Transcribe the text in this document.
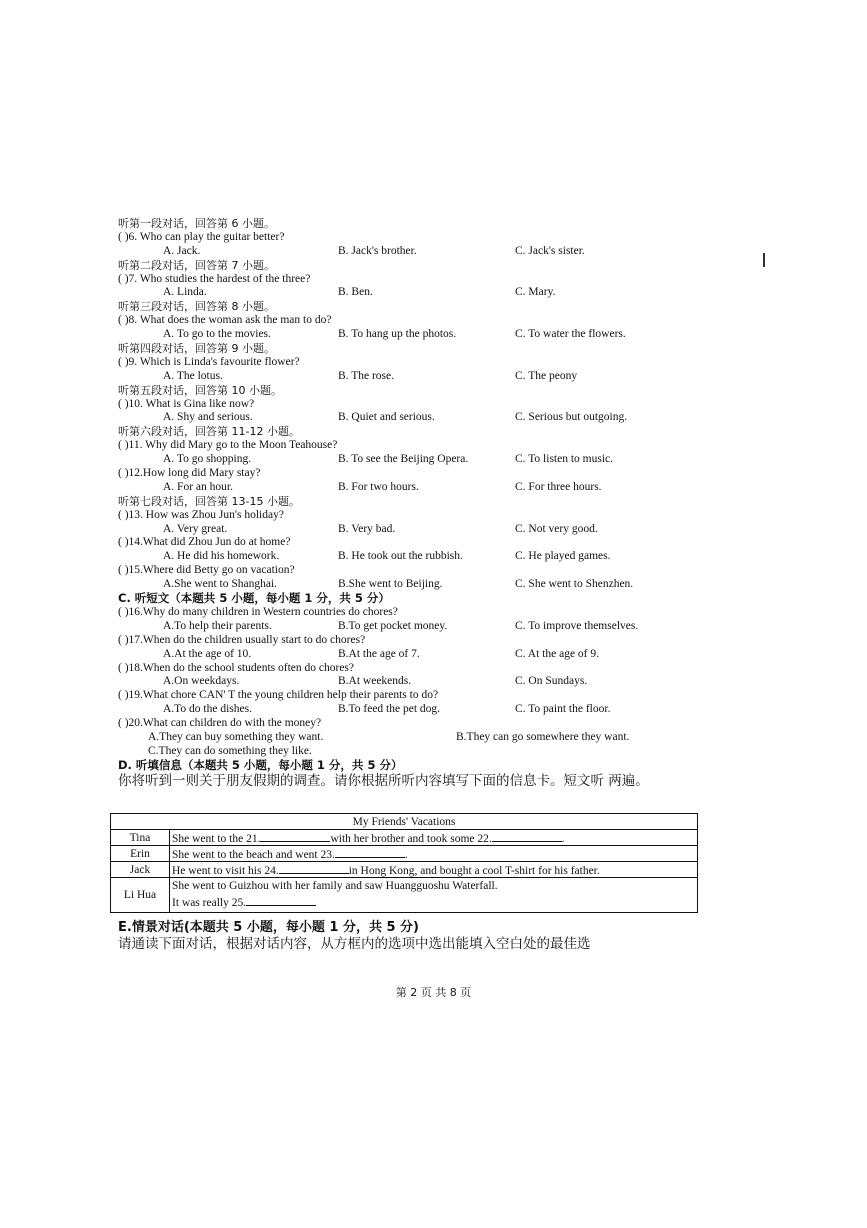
听第一段对话，回答第 6 小题。
( )6. Who can play the guitar better?
A. Jack.	B. Jack's brother.	C. Jack's sister.
听第二段对话，回答第 7 小题。
( )7. Who studies the hardest of the three?
A. Linda.	B. Ben.	C. Mary.
听第三段对话，回答第 8 小题。
( )8. What does the woman ask the man to do?
A. To go to the movies.	B. To hang up the photos.	C. To water the flowers.
听第四段对话，回答第 9 小题。
( )9. Which is Linda's favourite flower?
A. The lotus.	B. The rose.	C. The peony
听第五段对话，回答第 10 小题。
( )10. What is Gina like now?
A. Shy and serious.	B. Quiet and serious.	C. Serious but outgoing.
听第六段对话，回答第 11-12 小题。
( )11. Why did Mary go to the Moon Teahouse?
A. To go shopping.	B. To see the Beijing Opera.	C. To listen to music.
( )12.How long did Mary stay?
A. For an hour.	B. For two hours.	C. For three hours.
听第七段对话，回答第 13-15 小题。
( )13. How was Zhou Jun's holiday?
A. Very great.	B. Very bad.	C. Not very good.
( )14.What did Zhou Jun do at home?
A. He did his homework.	B. He took out the rubbish.	C. He played games.
( )15.Where did Betty go on vacation?
A.She went to Shanghai.	B.She went to Beijing.	C. She went to Shenzhen.
C. 听短文（本题共 5 小题，每小题 1 分，共 5 分）
( )16.Why do many children in Western countries do chores?
A.To help their parents.	B.To get pocket money.	C. To improve themselves.
( )17.When do the children usually start to do chores?
A.At the age of 10.	B.At the age of 7.	C. At the age of 9.
( )18.When do the school students often do chores?
A.On weekdays.	B.At weekends.	C. On Sundays.
( )19.What chore CAN' T the young children help their parents to do?
A.To do the dishes.	B.To feed the pet dog.	C. To paint the floor.
( )20.What can children do with the money?
A.They can buy something they want.	B.They can go somewhere they want.
C.They can do something they like.
D. 听填信息（本题共 5 小题，每小题 1 分，共 5 分）
你将听到一则关于朋友假期的调查。请你根据所听内容填写下面的信息卡。短文听 两遍。
My Friends' Vacations	
Tina	She went to the 21. with her brother and took some 22. .
Erin	She went to the beach and went 23. .
Jack	He went to visit his 24. in Hong Kong, and bought a cool T-shirt for his father.
Li Hua	She went to Guizhou with her family and saw Huangguoshu Waterfall.
It was really 25.
E.情景对话(本题共 5 小题，每小题 1 分，共 5 分)
请通读下面对话，根据对话内容，从方框内的选项中选出能填入空白处的最佳选
第 2 页 共 8 页
